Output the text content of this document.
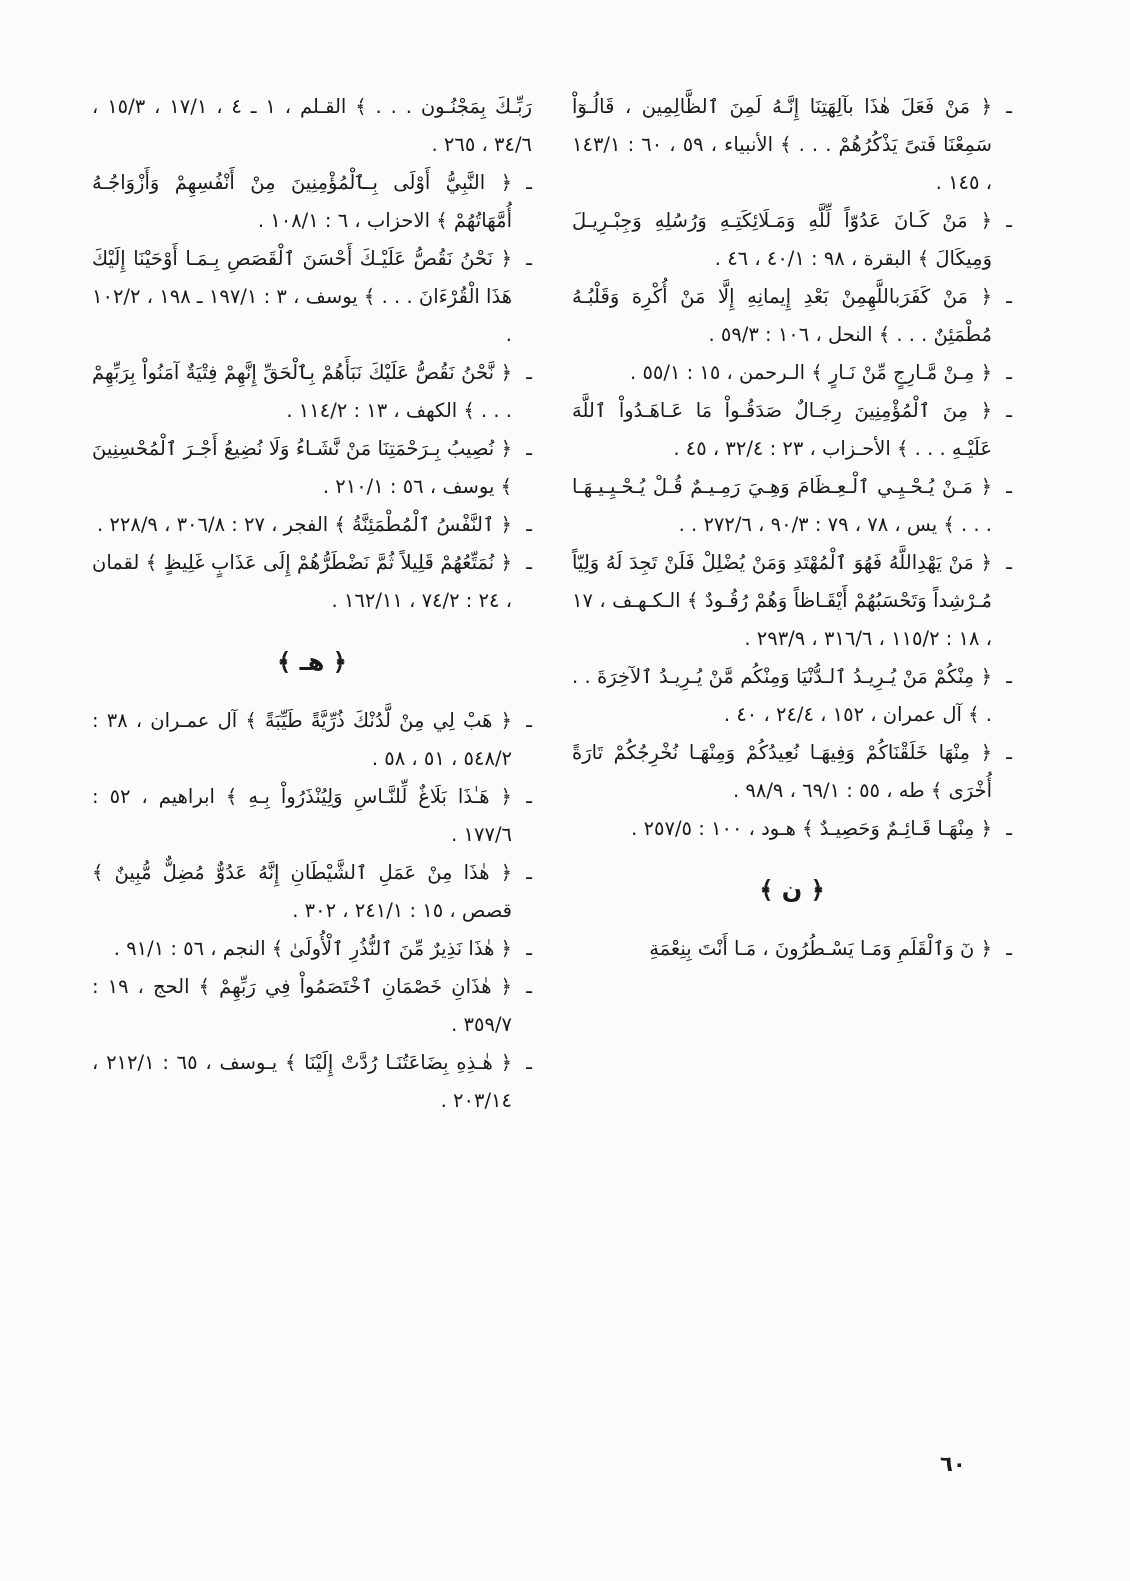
ـ
﴿ مَنْ فَعَلَ هٰذَا بآلِهَتِنَا إِنَّـهُ لَمِنَ ٱلظَّالِمِين ، قَالُـوٓاْ سَمِعْنَا فَتىً يَذْكُرُهُمْ . . . ﴾ الأنبياء ، ٥٩ ، ٦٠ : ١٤٣/١ ، ١٤٥ .

ـ
﴿ مَنْ كَـانَ عَدُوّاً لِّلَّهِ وَمَـلَائِكَتِـهِ وَرُسُلِهِ وَجِبْـرِيـلَ وَمِيكَالَ ﴾ البقرة ، ٩٨ : ٤٠/١ ، ٤٦ .

ـ
﴿ مَنْ كَفَرَباللَّهِمِنْ بَعْدِ إِيمانِهِ إِلَّا مَنْ أُكْرِهَ وَقَلْبُـهُ مُطْمَئِنٌ . . . ﴾ النحل ، ١٠٦ : ٥٩/٣ .

ـ
﴿ مِـنْ مَّـارِجٍ مِّنْ نَـارٍ ﴾ الـرحمن ، ١٥ : ٥٥/١ .

ـ
﴿ مِنَ ٱلْمُؤْمِنِينَ رِجَـالٌ صَدَقُـواْ مَا عَـاهَـدُواْ ٱللَّهَ عَلَيْـهِ . . . ﴾ الأحـزاب ، ٢٣ : ٣٢/٤ ، ٤٥ .

ـ
﴿ مَـنْ يُـحْـيِـي ٱلْـعِـظَامَ وَهِـيَ رَمِـيـمٌ قُـلْ يُـحْـيِـيـهَـا . . . ﴾ يس ، ٧٨ ، ٧٩ : ٩٠/٣ ، ٢٧٢/٦ . .

ـ
﴿ مَنْ يَهْدِاللَّهُ فَهُوَ ٱلْمُهْتَدِ وَمَنْ يُضْلِلْ فَلَنْ تَجِدَ لَهُ وَلِيّاً مُـرْشِداً وَتَحْسَبُهُمْ أَيْقَـاظاً وَهُمْ رُقُـودٌ ﴾ الـكـهـف ، ١٧ ، ١٨ : ١١٥/٢ ، ٣١٦/٦ ، ٢٩٣/٩ .

ـ
﴿ مِنْكُمْ مَنْ يُـرِيـدُ ٱلـدُّنْيَا وَمِنْكُم مَّنْ يُـرِيـدُ ٱلآخِرَةَ . . . ﴾ آل عمران ، ١٥٢ ، ٢٤/٤ ، ٤٠ .

ـ
﴿ مِنْهَا خَلَقْنَاكُمْ وَفِيهَـا نُعِيدُكُمْ وَمِنْهَـا نُخْرِجُكُمْ تَارَةً أُخْرَى ﴾ طه ، ٥٥ : ٦٩/١ ، ٩٨/٩ .

ـ
﴿ مِنْهَـا قَـائِـمٌ وَحَصِيـدٌ ﴾ هـود ، ١٠٠ : ٢٥٧/٥ .

﴿ ن ﴾

ـ
﴿ نٓ وَٱلْقَلَمِ وَمَـا يَسْـطُرُونَ ، مَـا أَنْتَ بِنِعْمَةِ

رَبِّـكَ بِمَجْنُـون . . . ﴾ القـلم ، ١ ـ ٤ ، ١٧/١ ، ١٥/٣ ، ٣٤/٦ ، ٢٦٥ .

ـ
﴿ النَّبِيُّ أَوْلَى بِـٱلْمُؤْمِنِينَ مِنْ أَنْفُسِهِمْ وَأَزْوَاجُـهُ أُمَّهَاتُهُمْ ﴾ الاحزاب ، ٦ : ١٠٨/١ .

ـ
﴿ نَحْنُ نَقُصُّ عَلَيْـكَ أَحْسَنَ ٱلْقَصَصِ بِـمَـا أَوْحَيْنَا إِلَيْكَ هَذَا الْقُرْءَانَ . . . ﴾ يوسف ، ٣ : ١٩٧/١ ـ ١٩٨ ، ١٠٢/٢ .

ـ
﴿ نَّحْنُ نَقُصُّ عَلَيْكَ نَبَأَهُمْ بِٱلْحَقِّ إِنَّهِمْ فِتْيَةٌ آمَنُواْ بِرَبِّهِمْ . . . ﴾ الكهف ، ١٣ : ١١٤/٢ .

ـ
﴿ نُصِيبُ بِـرَحْمَتِنَا مَنْ نَّشَـاءُ وَلَا نُضِيعُ أَجْـرَ ٱلْمُحْسِنِينَ ﴾ يوسف ، ٥٦ : ٢١٠/١ .

ـ
﴿ ٱلنَّفْسُ ٱلْمُطْمَئِنَّةُ ﴾ الفجر ، ٢٧ : ٣٠٦/٨ ، ٢٢٨/٩ .

ـ
﴿ نُمَتِّعُهُمْ قَلِيلاً ثُمَّ نَضْطَرُّهُمْ إِلَى عَذَابٍ غَلِيظٍ ﴾ لقمان ، ٢٤ : ٧٤/٢ ، ١٦٢/١١ .

﴿ هـ ﴾

ـ
﴿ هَبْ لِي مِنْ لَّدُنْكَ ذُرِّيَّةً طَيِّبَةً ﴾ آل عمـران ، ٣٨ : ٥٤٨/٢ ، ٥١ ، ٥٨ .

ـ
﴿ هَـٰذَا بَلَاغٌ لِّلنَّـاسِ وَلِيُنْذَرُواْ بِـهِ ﴾ ابراهيم ، ٥٢ : ١٧٧/٦ .

ـ
﴿ هٰذَا مِنْ عَمَلِ ٱلشَّيْطَانِ إِنَّهُ عَدُوٌّ مُضِلٌّ مُّبِينٌ ﴾ قصص ، ١٥ : ٢٤١/١ ، ٣٠٢ .

ـ
﴿ هٰذَا نَذِيرٌ مِّنَ ٱلنُّذُرِ ٱلْأُولَىٰ ﴾ النجم ، ٥٦ : ٩١/١ .

ـ
﴿ هٰذَانِ خَصْمَانِ ٱخْتَصَمُواْ فِي رَبِّهِمْ ﴾ الحج ، ١٩ : ٣٥٩/٧ .

ـ
﴿ هٰـذِهِ بِضَاعَتُنَـا رُدَّتْ إِلَيْنَا ﴾ يـوسف ، ٦٥ : ٢١٢/١ ، ٢٠٣/١٤ .

٦٠
